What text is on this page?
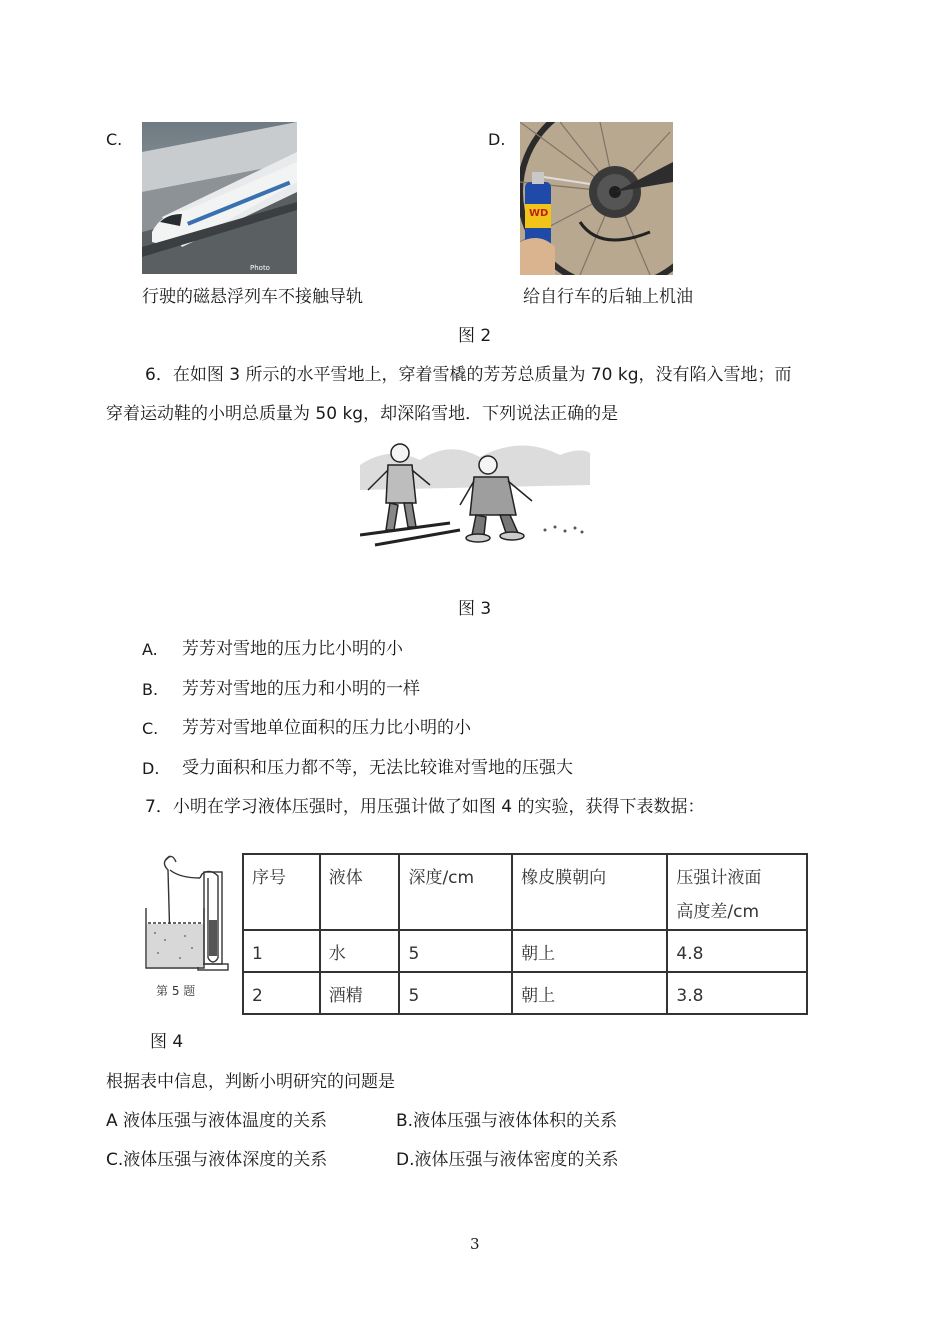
C.
Photo
行驶的磁悬浮列车不接触导轨
D.
WD
给自行车的后轴上机油
图 2
6．在如图 3 所示的水平雪地上，穿着雪橇的芳芳总质量为 70 kg，没有陷入雪地；而
穿着运动鞋的小明总质量为 50 kg，却深陷雪地．下列说法正确的是
图 3
A. 芳芳对雪地的压力比小明的小
B. 芳芳对雪地的压力和小明的一样
C. 芳芳对雪地单位面积的压力比小明的小
D. 受力面积和压力都不等，无法比较谁对雪地的压强大
7．小明在学习液体压强时，用压强计做了如图 4 的实验，获得下表数据：
第 5 题
序号	液体	深度/cm	橡皮膜朝向	压强计液面
高度差/cm

1	水	5	朝上	4.8
2	酒精	5	朝上	3.8
图 4
根据表中信息，判断小明研究的问题是
A 液体压强与液体温度的关系	B.液体压强与液体体积的关系
C.液体压强与液体深度的关系	D.液体压强与液体密度的关系
3
